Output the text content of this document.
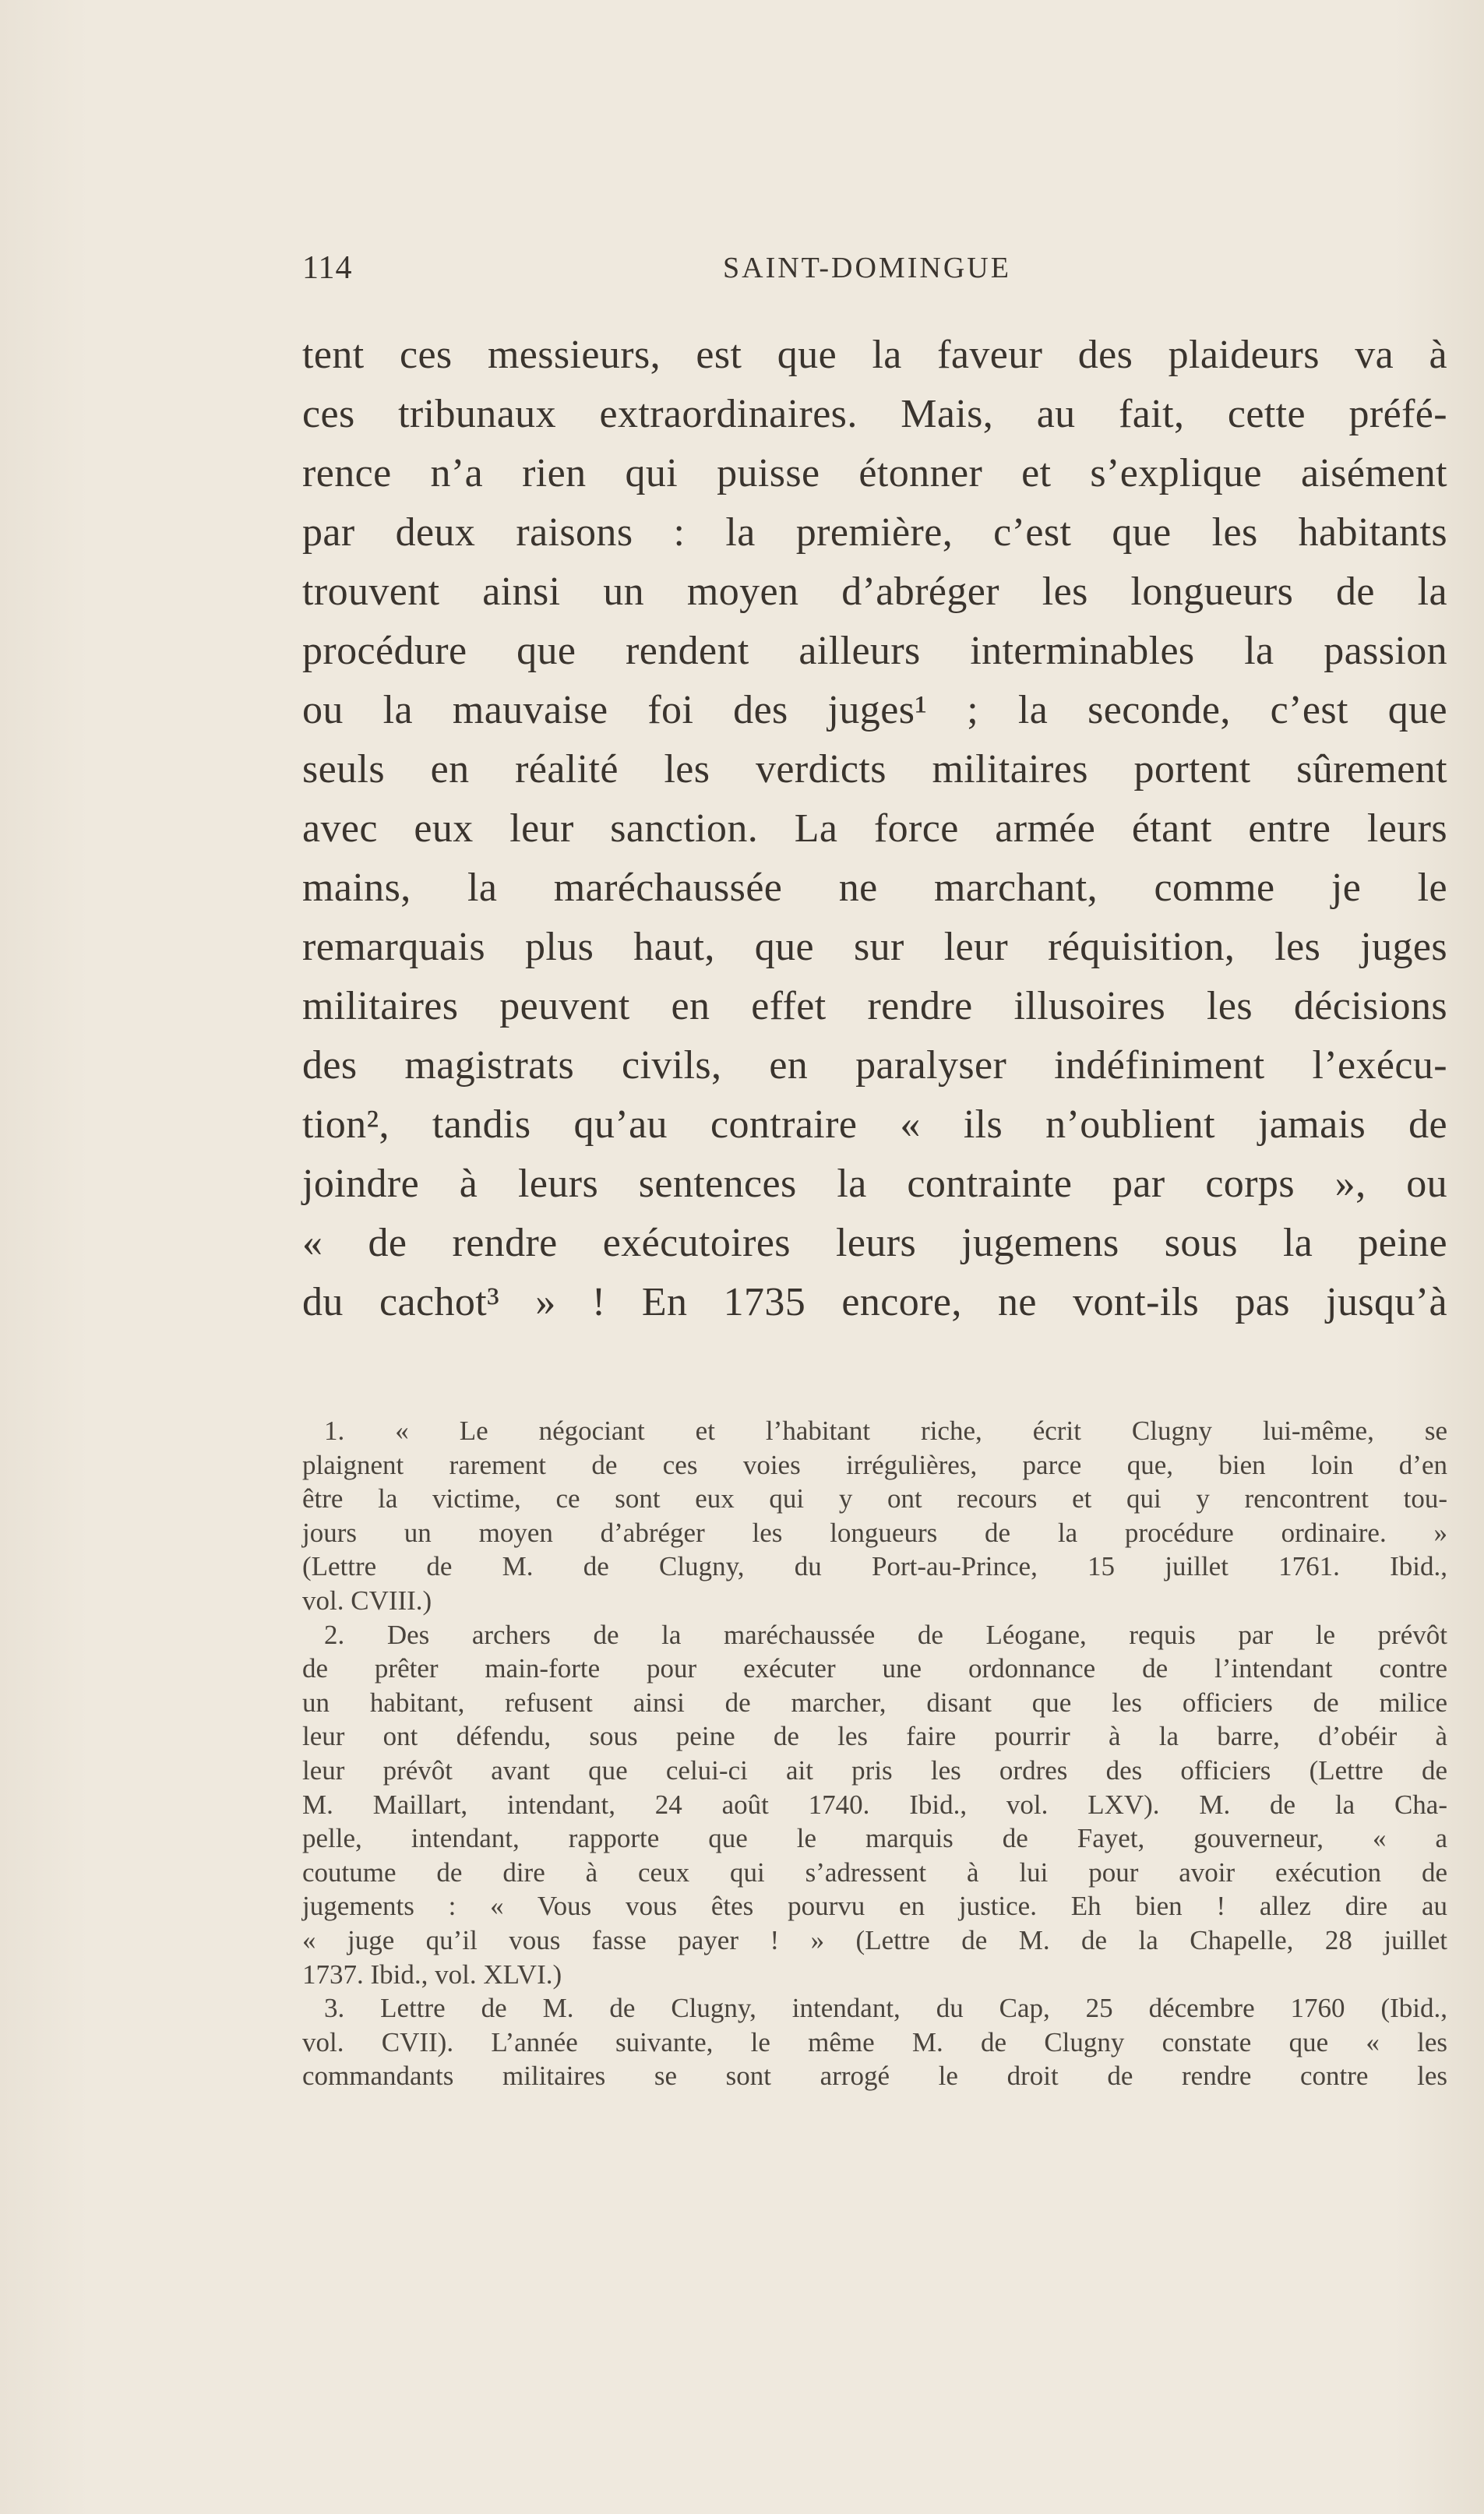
114	SAINT-DOMINGUE
tent ces messieurs, est que la faveur des plaideurs va à
ces tribunaux extraordinaires. Mais, au fait, cette préfé-
rence n’a rien qui puisse étonner et s’explique aisément
par deux raisons : la première, c’est que les habitants
trouvent ainsi un moyen d’abréger les longueurs de la
procédure que rendent ailleurs interminables la passion
ou la mauvaise foi des juges¹ ; la seconde, c’est que
seuls en réalité les verdicts militaires portent sûrement
avec eux leur sanction. La force armée étant entre leurs
mains, la maréchaussée ne marchant, comme je le
remarquais plus haut, que sur leur réquisition, les juges
militaires peuvent en effet rendre illusoires les décisions
des magistrats civils, en paralyser indéfiniment l’exécu-
tion², tandis qu’au contraire « ils n’oublient jamais de
joindre à leurs sentences la contrainte par corps », ou
« de rendre exécutoires leurs jugemens sous la peine
du cachot³ » ! En 1735 encore, ne vont-ils pas jusqu’à
1. « Le négociant et l’habitant riche, écrit Clugny lui-même, se
plaignent rarement de ces voies irrégulières, parce que, bien loin d’en
être la victime, ce sont eux qui y ont recours et qui y rencontrent tou-
jours un moyen d’abréger les longueurs de la procédure ordinaire. »
(Lettre de M. de Clugny, du Port-au-Prince, 15 juillet 1761. Ibid.,
vol. CVIII.)
2. Des archers de la maréchaussée de Léogane, requis par le prévôt
de prêter main-forte pour exécuter une ordonnance de l’intendant contre
un habitant, refusent ainsi de marcher, disant que les officiers de milice
leur ont défendu, sous peine de les faire pourrir à la barre, d’obéir à
leur prévôt avant que celui-ci ait pris les ordres des officiers (Lettre de
M. Maillart, intendant, 24 août 1740. Ibid., vol. LXV). M. de la Cha-
pelle, intendant, rapporte que le marquis de Fayet, gouverneur, « a
coutume de dire à ceux qui s’adressent à lui pour avoir exécution de
jugements : « Vous vous êtes pourvu en justice. Eh bien ! allez dire au
« juge qu’il vous fasse payer ! » (Lettre de M. de la Chapelle, 28 juillet
1737. Ibid., vol. XLVI.)
3. Lettre de M. de Clugny, intendant, du Cap, 25 décembre 1760 (Ibid.,
vol. CVII). L’année suivante, le même M. de Clugny constate que « les
commandants militaires se sont arrogé le droit de rendre contre les
